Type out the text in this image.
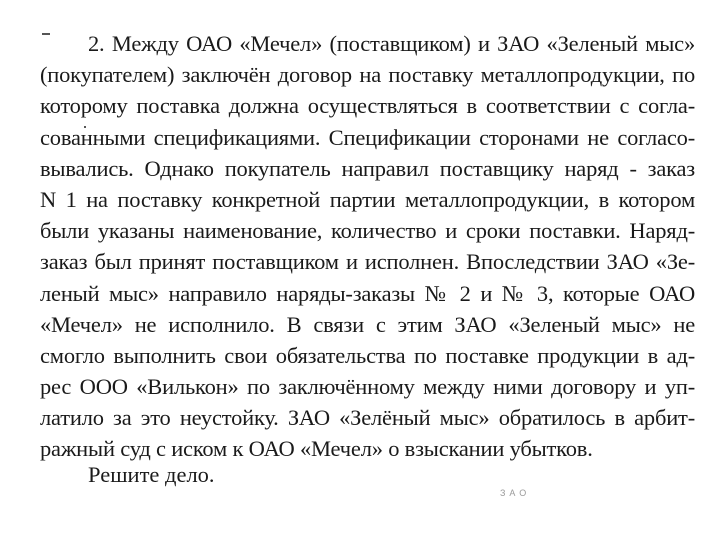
2. Между ОАО «Мечел» (поставщиком) и ЗАО «Зеленый мыс»
(покупателем) заключён договор на поставку металлопродукции, по
которому поставка должна осуществляться в соответствии с согла-
сованными спецификациями. Спецификации сторонами не согласо-
вывались. Однако покупатель направил поставщику наряд - заказ
N 1 на поставку конкретной партии металлопродукции, в котором
были указаны наименование, количество и сроки поставки. Наряд-
заказ был принят поставщиком и исполнен. Впоследствии ЗАО «Зе-
леный мыс» направило наряды-заказы № 2 и № 3, которые ОАО
«Мечел» не исполнило. В связи с этим ЗАО «Зеленый мыс» не
смогло выполнить свои обязательства по поставке продукции в ад-
рес ООО «Вилькон» по заключённому между ними договору и уп-
латило за это неустойку. ЗАО «Зелёный мыс» обратилось в арбит-
ражный суд с иском к ОАО «Мечел» о взыскании убытков.
Решите дело.
ЗАО
